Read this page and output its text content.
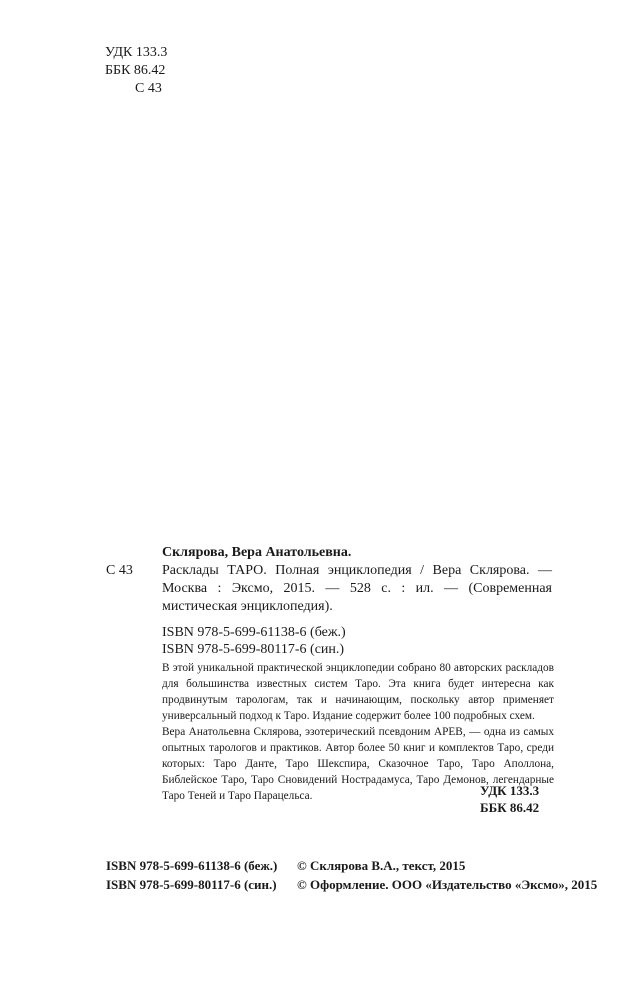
УДК 133.3
ББК 86.42
С 43
С 43
Склярова, Вера Анатольевна.
Расклады ТАРО. Полная энциклопедия / Вера Склярова. — Москва : Эксмо, 2015. — 528 с. : ил. — (Современная мистическая энциклопедия).
ISBN 978-5-699-61138-6 (беж.)
ISBN 978-5-699-80117-6 (син.)

В этой уникальной практической энциклопедии собрано 80 авторских раскладов для большинства известных систем Таро. Эта книга будет интересна как продвинутым тарологам, так и начинающим, поскольку автор применяет универсальный подход к Таро. Издание содержит более 100 подробных схем.

Вера Анатольевна Склярова, эзотерический псевдоним АРЕВ, — одна из самых опытных тарологов и практиков. Автор более 50 книг и комплектов Таро, среди которых: Таро Данте, Таро Шекспира, Сказочное Таро, Таро Аполлона, Библейское Таро, Таро Сновидений Нострадамуса, Таро Демонов, легендарные Таро Теней и Таро Парацельса.	УДК 133.3
ББК 86.42
ISBN 978-5-699-61138-6 (беж.)
ISBN 978-5-699-80117-6 (син.)
© Склярова В.А., текст, 2015
© Оформление. ООО «Издательство «Эксмо», 2015
